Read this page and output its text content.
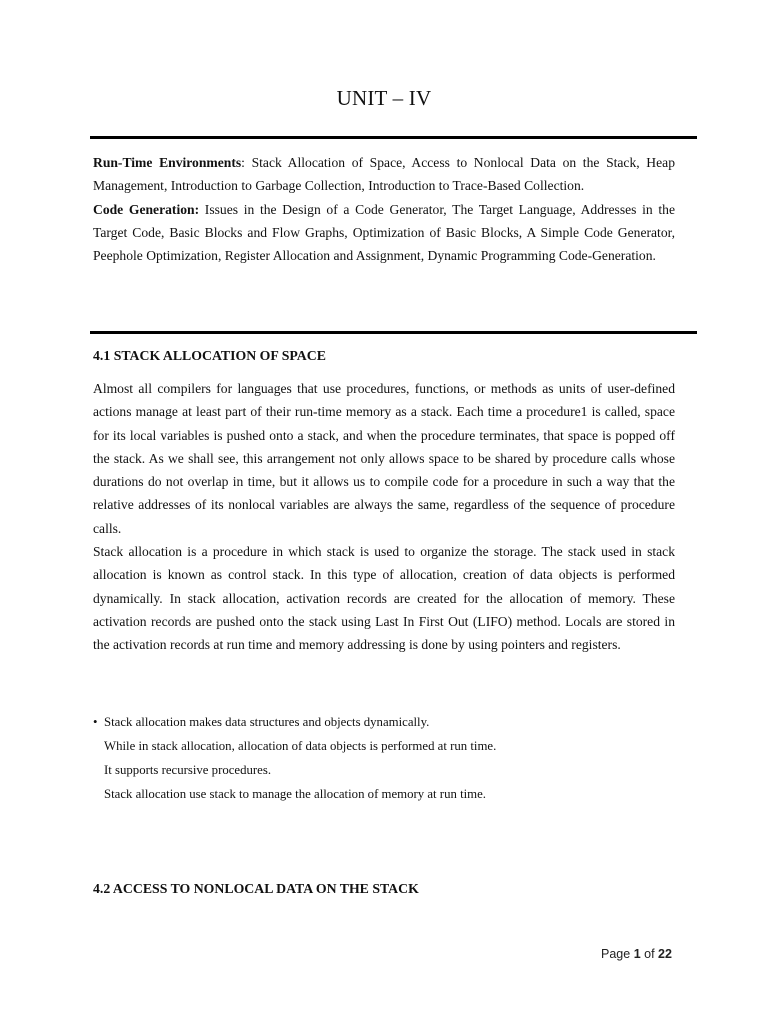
UNIT – IV
Run-Time Environments: Stack Allocation of Space, Access to Nonlocal Data on the Stack, Heap Management, Introduction to Garbage Collection, Introduction to Trace-Based Collection.
Code Generation: Issues in the Design of a Code Generator, The Target Language, Addresses in the Target Code, Basic Blocks and Flow Graphs, Optimization of Basic Blocks, A Simple Code Generator, Peephole Optimization, Register Allocation and Assignment, Dynamic Programming Code-Generation.
4.1 STACK ALLOCATION OF SPACE
Almost all compilers for languages that use procedures, functions, or methods as units of user-defined actions manage at least part of their run-time memory as a stack. Each time a procedure1 is called, space for its local variables is pushed onto a stack, and when the procedure terminates, that space is popped off the stack. As we shall see, this arrangement not only allows space to be shared by procedure calls whose durations do not overlap in time, but it allows us to compile code for a procedure in such a way that the relative addresses of its nonlocal variables are always the same, regardless of the sequence of procedure calls.
Stack allocation is a procedure in which stack is used to organize the storage. The stack used in stack allocation is known as control stack. In this type of allocation, creation of data objects is performed dynamically. In stack allocation, activation records are created for the allocation of memory. These activation records are pushed onto the stack using Last In First Out (LIFO) method. Locals are stored in the activation records at run time and memory addressing is done by using pointers and registers.
• Stack allocation makes data structures and objects dynamically.
While in stack allocation, allocation of data objects is performed at run time.
It supports recursive procedures.
Stack allocation use stack to manage the allocation of memory at run time.
4.2 ACCESS TO NONLOCAL DATA ON THE STACK
Page 1 of 22
